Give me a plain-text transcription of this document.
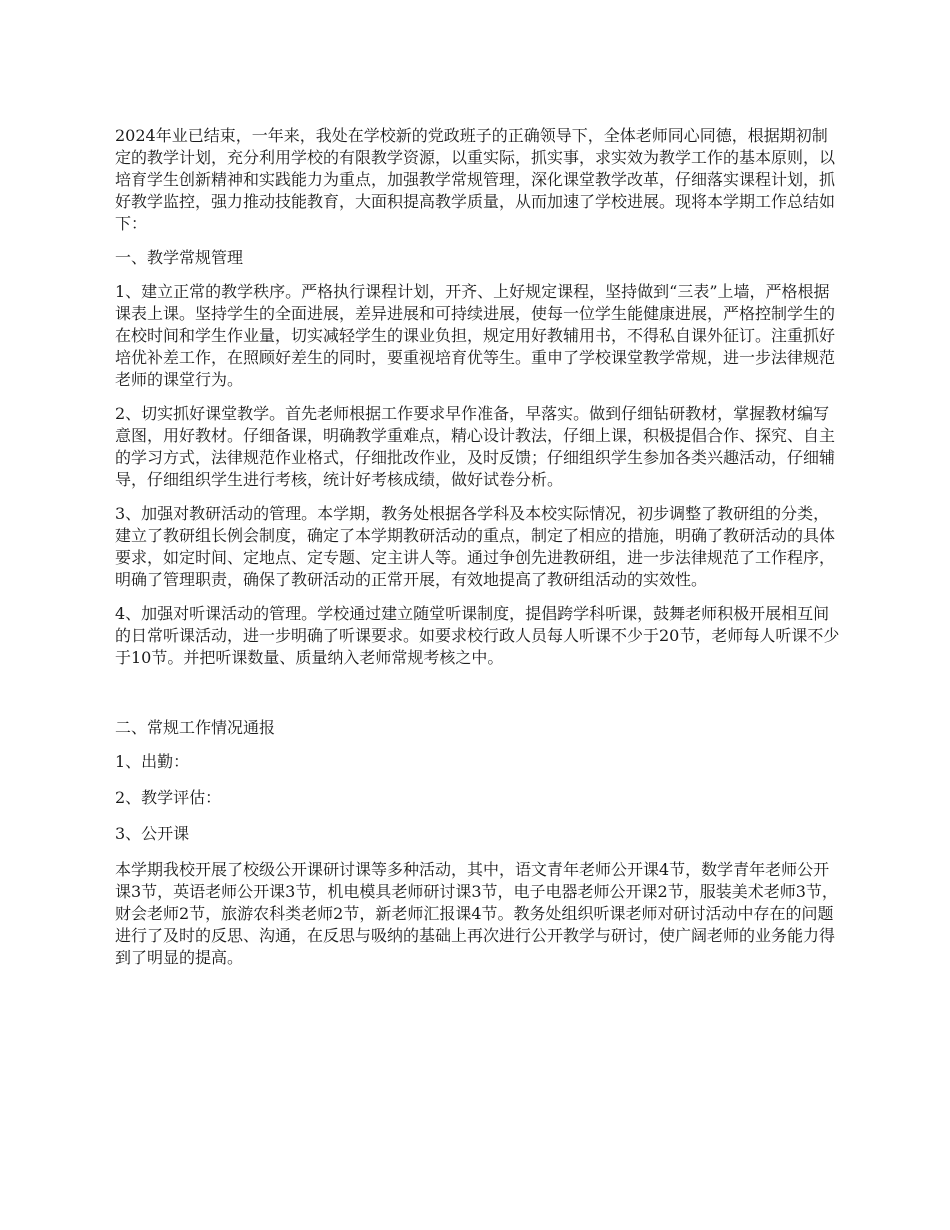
2024年业已结束，一年来，我处在学校新的党政班子的正确领导下，全体老师同心同德，根据期初制定的教学计划，充分利用学校的有限教学资源，以重实际，抓实事，求实效为教学工作的基本原则，以培育学生创新精神和实践能力为重点，加强教学常规管理，深化课堂教学改革，仔细落实课程计划，抓好教学监控，强力推动技能教育，大面积提高教学质量，从而加速了学校进展。现将本学期工作总结如下：

一、教学常规管理

1、建立正常的教学秩序。严格执行课程计划，开齐、上好规定课程，坚持做到“三表”上墙，严格根据课表上课。坚持学生的全面进展，差异进展和可持续进展，使每一位学生能健康进展，严格控制学生的在校时间和学生作业量，切实减轻学生的课业负担，规定用好教辅用书，不得私自课外征订。注重抓好培优补差工作，在照顾好差生的同时，要重视培育优等生。重申了学校课堂教学常规，进一步法律规范老师的课堂行为。

2、切实抓好课堂教学。首先老师根据工作要求早作准备，早落实。做到仔细钻研教材，掌握教材编写意图，用好教材。仔细备课，明确教学重难点，精心设计教法，仔细上课，积极提倡合作、探究、自主的学习方式，法律规范作业格式，仔细批改作业，及时反馈；仔细组织学生参加各类兴趣活动，仔细辅导，仔细组织学生进行考核，统计好考核成绩，做好试卷分析。

3、加强对教研活动的管理。本学期，教务处根据各学科及本校实际情况，初步调整了教研组的分类，建立了教研组长例会制度，确定了本学期教研活动的重点，制定了相应的措施，明确了教研活动的具体要求，如定时间、定地点、定专题、定主讲人等。通过争创先进教研组，进一步法律规范了工作程序，明确了管理职责，确保了教研活动的正常开展，有效地提高了教研组活动的实效性。

4、加强对听课活动的管理。学校通过建立随堂听课制度，提倡跨学科听课，鼓舞老师积极开展相互间的日常听课活动，进一步明确了听课要求。如要求校行政人员每人听课不少于20节，老师每人听课不少于10节。并把听课数量、质量纳入老师常规考核之中。

二、常规工作情况通报

1、出勤：

2、教学评估：

3、公开课

本学期我校开展了校级公开课研讨课等多种活动，其中，语文青年老师公开课4节，数学青年老师公开课3节，英语老师公开课3节，机电模具老师研讨课3节，电子电器老师公开课2节，服装美术老师3节，财会老师2节，旅游农科类老师2节，新老师汇报课4节。教务处组织听课老师对研讨活动中存在的问题进行了及时的反思、沟通，在反思与吸纳的基础上再次进行公开教学与研讨，使广阔老师的业务能力得到了明显的提高。
